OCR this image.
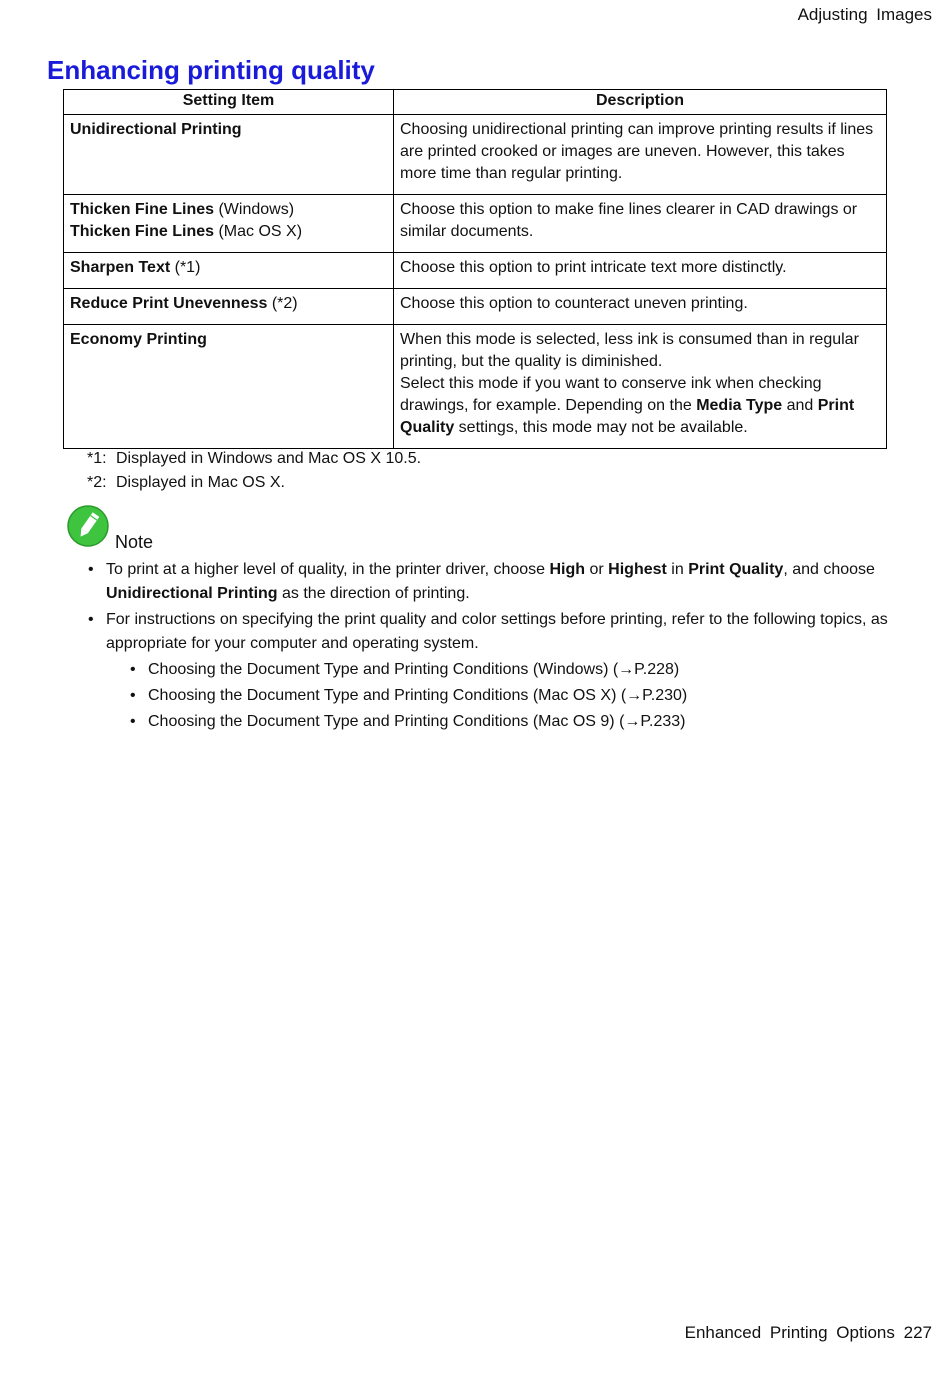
Adjusting Images
Enhancing printing quality
Setting Item	Description

Unidirectional Printing	Choosing unidirectional printing can improve printing results if lines are printed crooked or images are uneven. However, this takes more time than regular printing.

Thicken Fine Lines (Windows)
Thicken Fine Lines (Mac OS X)	Choose this option to make fine lines clearer in CAD drawings or similar documents.

Sharpen Text (*1)	Choose this option to print intricate text more distinctly.

Reduce Print Unevenness (*2)	Choose this option to counteract uneven printing.

Economy Printing	When this mode is selected, less ink is consumed than in regular printing, but the quality is diminished.
Select this mode if you want to conserve ink when checking drawings, for example. Depending on the Media Type and Print Quality settings, this mode may not be available.
*1: Displayed in Windows and Mac OS X 10.5.
*2: Displayed in Mac OS X.
Note
• To print at a higher level of quality, in the printer driver, choose High or Highest in Print Quality, and choose Unidirectional Printing as the direction of printing.
• For instructions on specifying the print quality and color settings before printing, refer to the following topics, as appropriate for your computer and operating system.
• Choosing the Document Type and Printing Conditions (Windows) (→P.228)
• Choosing the Document Type and Printing Conditions (Mac OS X) (→P.230)
• Choosing the Document Type and Printing Conditions (Mac OS 9) (→P.233)
Enhanced Printing Options 227
